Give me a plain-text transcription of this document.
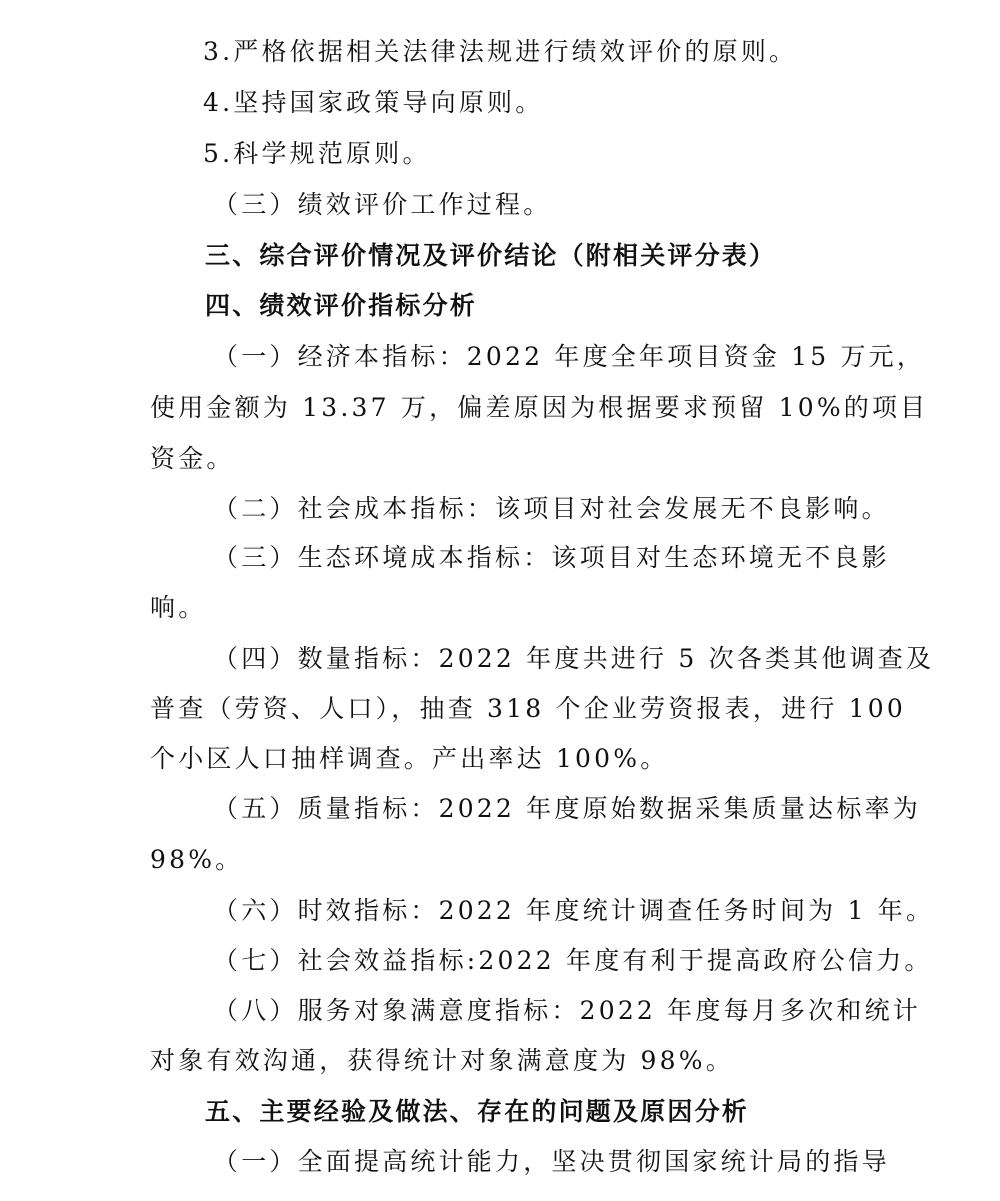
3.严格依据相关法律法规进行绩效评价的原则。
4.坚持国家政策导向原则。
5.科学规范原则。
（三）绩效评价工作过程。
三、综合评价情况及评价结论（附相关评分表）
四、绩效评价指标分析
（一）经济本指标：2022 年度全年项目资金 15 万元，
使用金额为 13.37 万，偏差原因为根据要求预留 10%的项目
资金。
（二）社会成本指标：该项目对社会发展无不良影响。
（三）生态环境成本指标：该项目对生态环境无不良影
响。
（四）数量指标：2022 年度共进行 5 次各类其他调查及
普查（劳资、人口），抽查 318 个企业劳资报表，进行 100
个小区人口抽样调查。产出率达 100%。
（五）质量指标：2022 年度原始数据采集质量达标率为
98%。
（六）时效指标：2022 年度统计调查任务时间为 1 年。
（七）社会效益指标:2022 年度有利于提高政府公信力。
（八）服务对象满意度指标：2022 年度每月多次和统计
对象有效沟通，获得统计对象满意度为 98%。
五、主要经验及做法、存在的问题及原因分析
（一）全面提高统计能力，坚决贯彻国家统计局的指导
